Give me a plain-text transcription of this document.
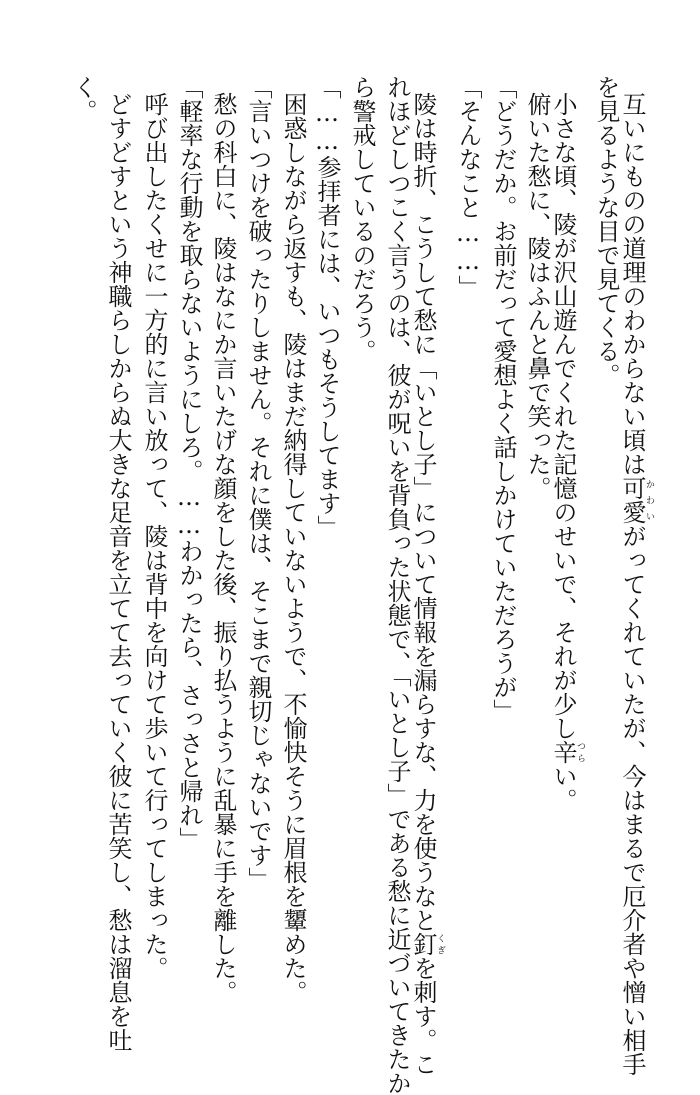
互いにものの道理のわからない頃は可愛かわいがってくれていたが、今はまるで厄介者や憎い相手
を見るような目で見てくる。
小さな頃、陵が沢山遊んでくれた記憶のせいで、それが少し辛つらい。
俯いた愁に、陵はふんと鼻で笑った。
「どうだか。お前だって愛想よく話しかけていただろうが」
「そんなこと……」
陵は時折、こうして愁に「いとし子」について情報を漏らすな、力を使うなと釘くぎを刺す。こ
れほどしつこく言うのは、彼が呪いを背負った状態で、「いとし子」である愁に近づいてきたか
ら警戒しているのだろう。
「……参拝者には、いつもそうしてます」
困惑しながら返すも、陵はまだ納得していないようで、不愉快そうに眉根を顰めた。
「言いつけを破ったりしません。それに僕は、そこまで親切じゃないです」
愁の科白に、陵はなにか言いたげな顔をした後、振り払うように乱暴に手を離した。
「軽率な行動を取らないようにしろ。……わかったら、さっさと帰れ」
呼び出したくせに一方的に言い放って、陵は背中を向けて歩いて行ってしまった。
どすどすという神職らしからぬ大きな足音を立てて去っていく彼に苦笑し、愁は溜息を吐
く。
